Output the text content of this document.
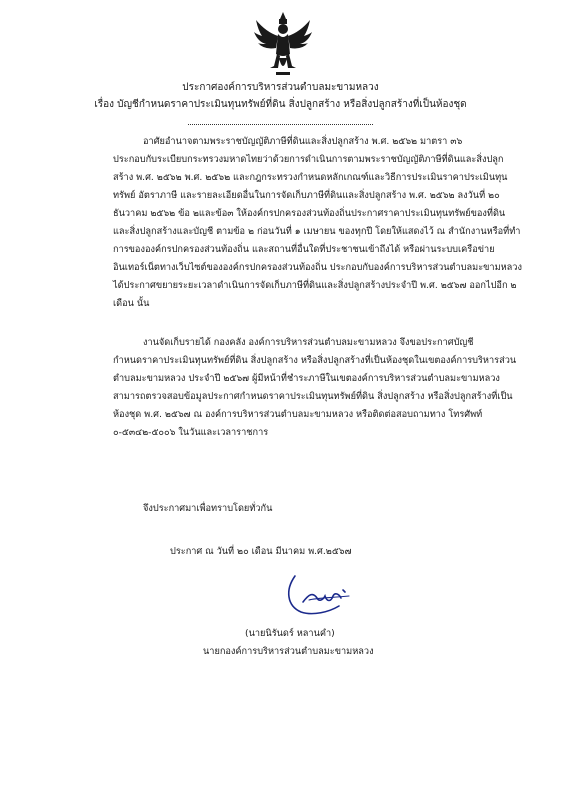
ประกาศองค์การบริหารส่วนตำบลมะขามหลวง
เรื่อง บัญชีกำหนดราคาประเมินทุนทรัพย์ที่ดิน สิ่งปลูกสร้าง หรือสิ่งปลูกสร้างที่เป็นห้องชุด
อาศัยอำนาจตามพระราชบัญญัติภาษีที่ดินและสิ่งปลูกสร้าง พ.ศ. ๒๕๖๒ มาตรา ๓๖
ประกอบกับระเบียบกระทรวงมหาดไทยว่าด้วยการดำเนินการตามพระราชบัญญัติภาษีที่ดินและสิ่งปลูก
สร้าง พ.ศ. ๒๕๖๒ พ.ศ. ๒๕๖๒ และกฎกระทรวงกำหนดหลักเกณฑ์และวิธีการประเมินราคาประเมินทุน
ทรัพย์ อัตราภาษี และรายละเอียดอื่นในการจัดเก็บภาษีที่ดินและสิ่งปลูกสร้าง พ.ศ. ๒๕๖๒ ลงวันที่ ๒๐
ธันวาคม ๒๕๖๒ ข้อ ๒และข้อ๓ ให้องค์กรปกครองส่วนท้องถิ่นประกาศราคาประเมินทุนทรัพย์ของที่ดิน
และสิ่งปลูกสร้างและบัญชี ตามข้อ ๒ ก่อนวันที่ ๑ เมษายน ของทุกปี โดยให้แสดงไว้ ณ สำนักงานหรือที่ทำ
การขององค์กรปกครองส่วนท้องถิ่น และสถานที่อื่นใดที่ประชาชนเข้าถึงได้ หรือผ่านระบบเครือข่าย
อินเทอร์เน็ตทางเว็บไซต์ขององค์กรปกครองส่วนท้องถิ่น ประกอบกับองค์การบริหารส่วนตำบลมะขามหลวง
ได้ประกาศขยายระยะเวลาดำเนินการจัดเก็บภาษีที่ดินและสิ่งปลูกสร้างประจำปี พ.ศ. ๒๕๖๗ ออกไปอีก ๒
เดือน นั้น
งานจัดเก็บรายได้ กองคลัง องค์การบริหารส่วนตำบลมะขามหลวง จึงขอประกาศบัญชี
กำหนดราคาประเมินทุนทรัพย์ที่ดิน สิ่งปลูกสร้าง หรือสิ่งปลูกสร้างที่เป็นห้องชุดในเขตองค์การบริหารส่วน
ตำบลมะขามหลวง ประจำปี ๒๕๖๗ ผู้มีหน้าที่ชำระภาษีในเขตองค์การบริหารส่วนตำบลมะขามหลวง
สามารถตรวจสอบข้อมูลประกาศกำหนดราคาประเมินทุนทรัพย์ที่ดิน สิ่งปลูกสร้าง หรือสิ่งปลูกสร้างที่เป็น
ห้องชุด พ.ศ. ๒๕๖๗ ณ องค์การบริหารส่วนตำบลมะขามหลวง หรือติดต่อสอบถามทาง โทรศัพท์
๐-๕๓๔๒-๕๐๐๖ ในวันและเวลาราชการ
จึงประกาศมาเพื่อทราบโดยทั่วกัน
ประกาศ ณ วันที่ ๒๐ เดือน มีนาคม พ.ศ.๒๕๖๗
(นายนิรันดร์ หลานคำ)
นายกองค์การบริหารส่วนตำบลมะขามหลวง
